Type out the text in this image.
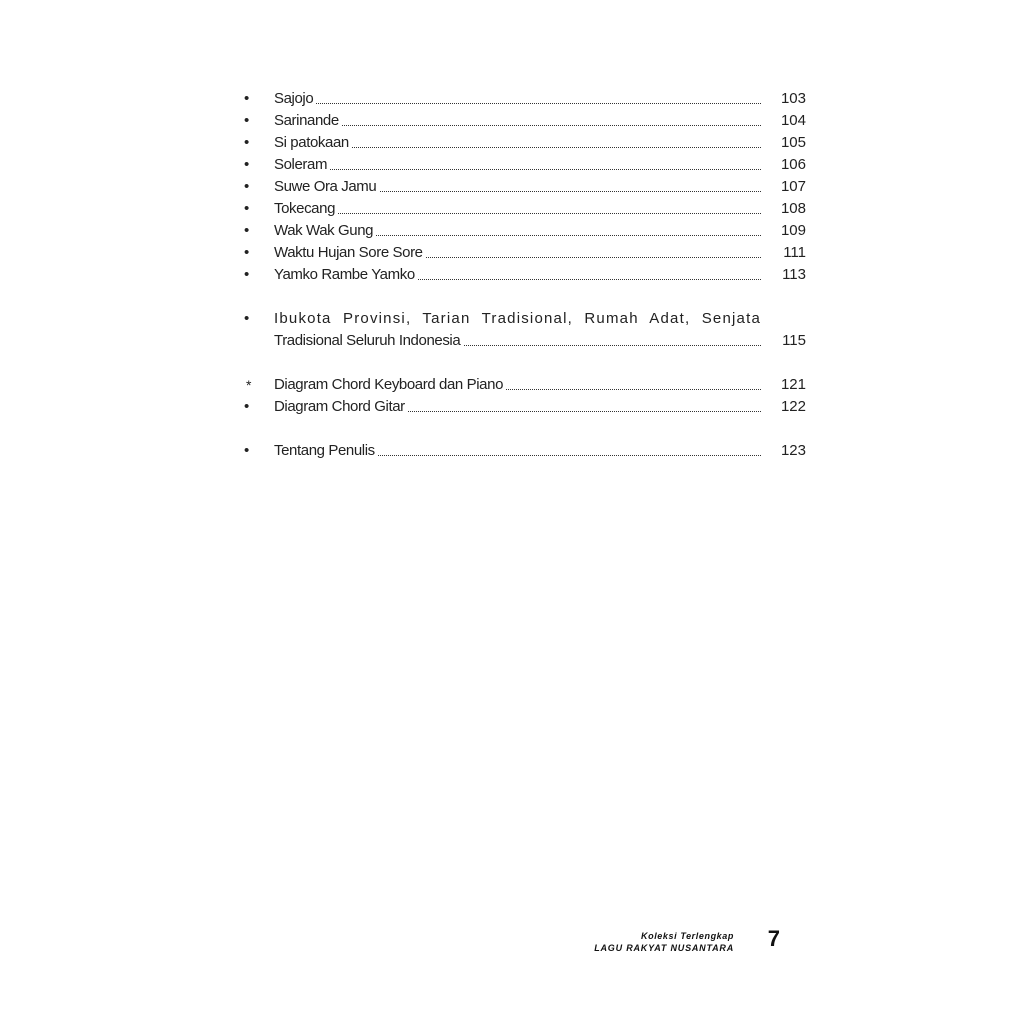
•	Sajojo	103
•	Sarinande	104
•	Si patokaan	105
•	Soleram	106
•	Suwe Ora Jamu	107
•	Tokecang	108
•	Wak Wak Gung	109
•	Waktu Hujan Sore Sore	111
•	Yamko Rambe Yamko	113
• Ibukota Provinsi, Tarian Tradisional, Rumah Adat, Senjata
Tradisional Seluruh Indonesia	115
*	Diagram Chord Keyboard dan Piano	121
•	Diagram Chord Gitar	122
•	Tentang Penulis	123
Koleksi Terlengkap
LAGU RAKYAT NUSANTARA 7
